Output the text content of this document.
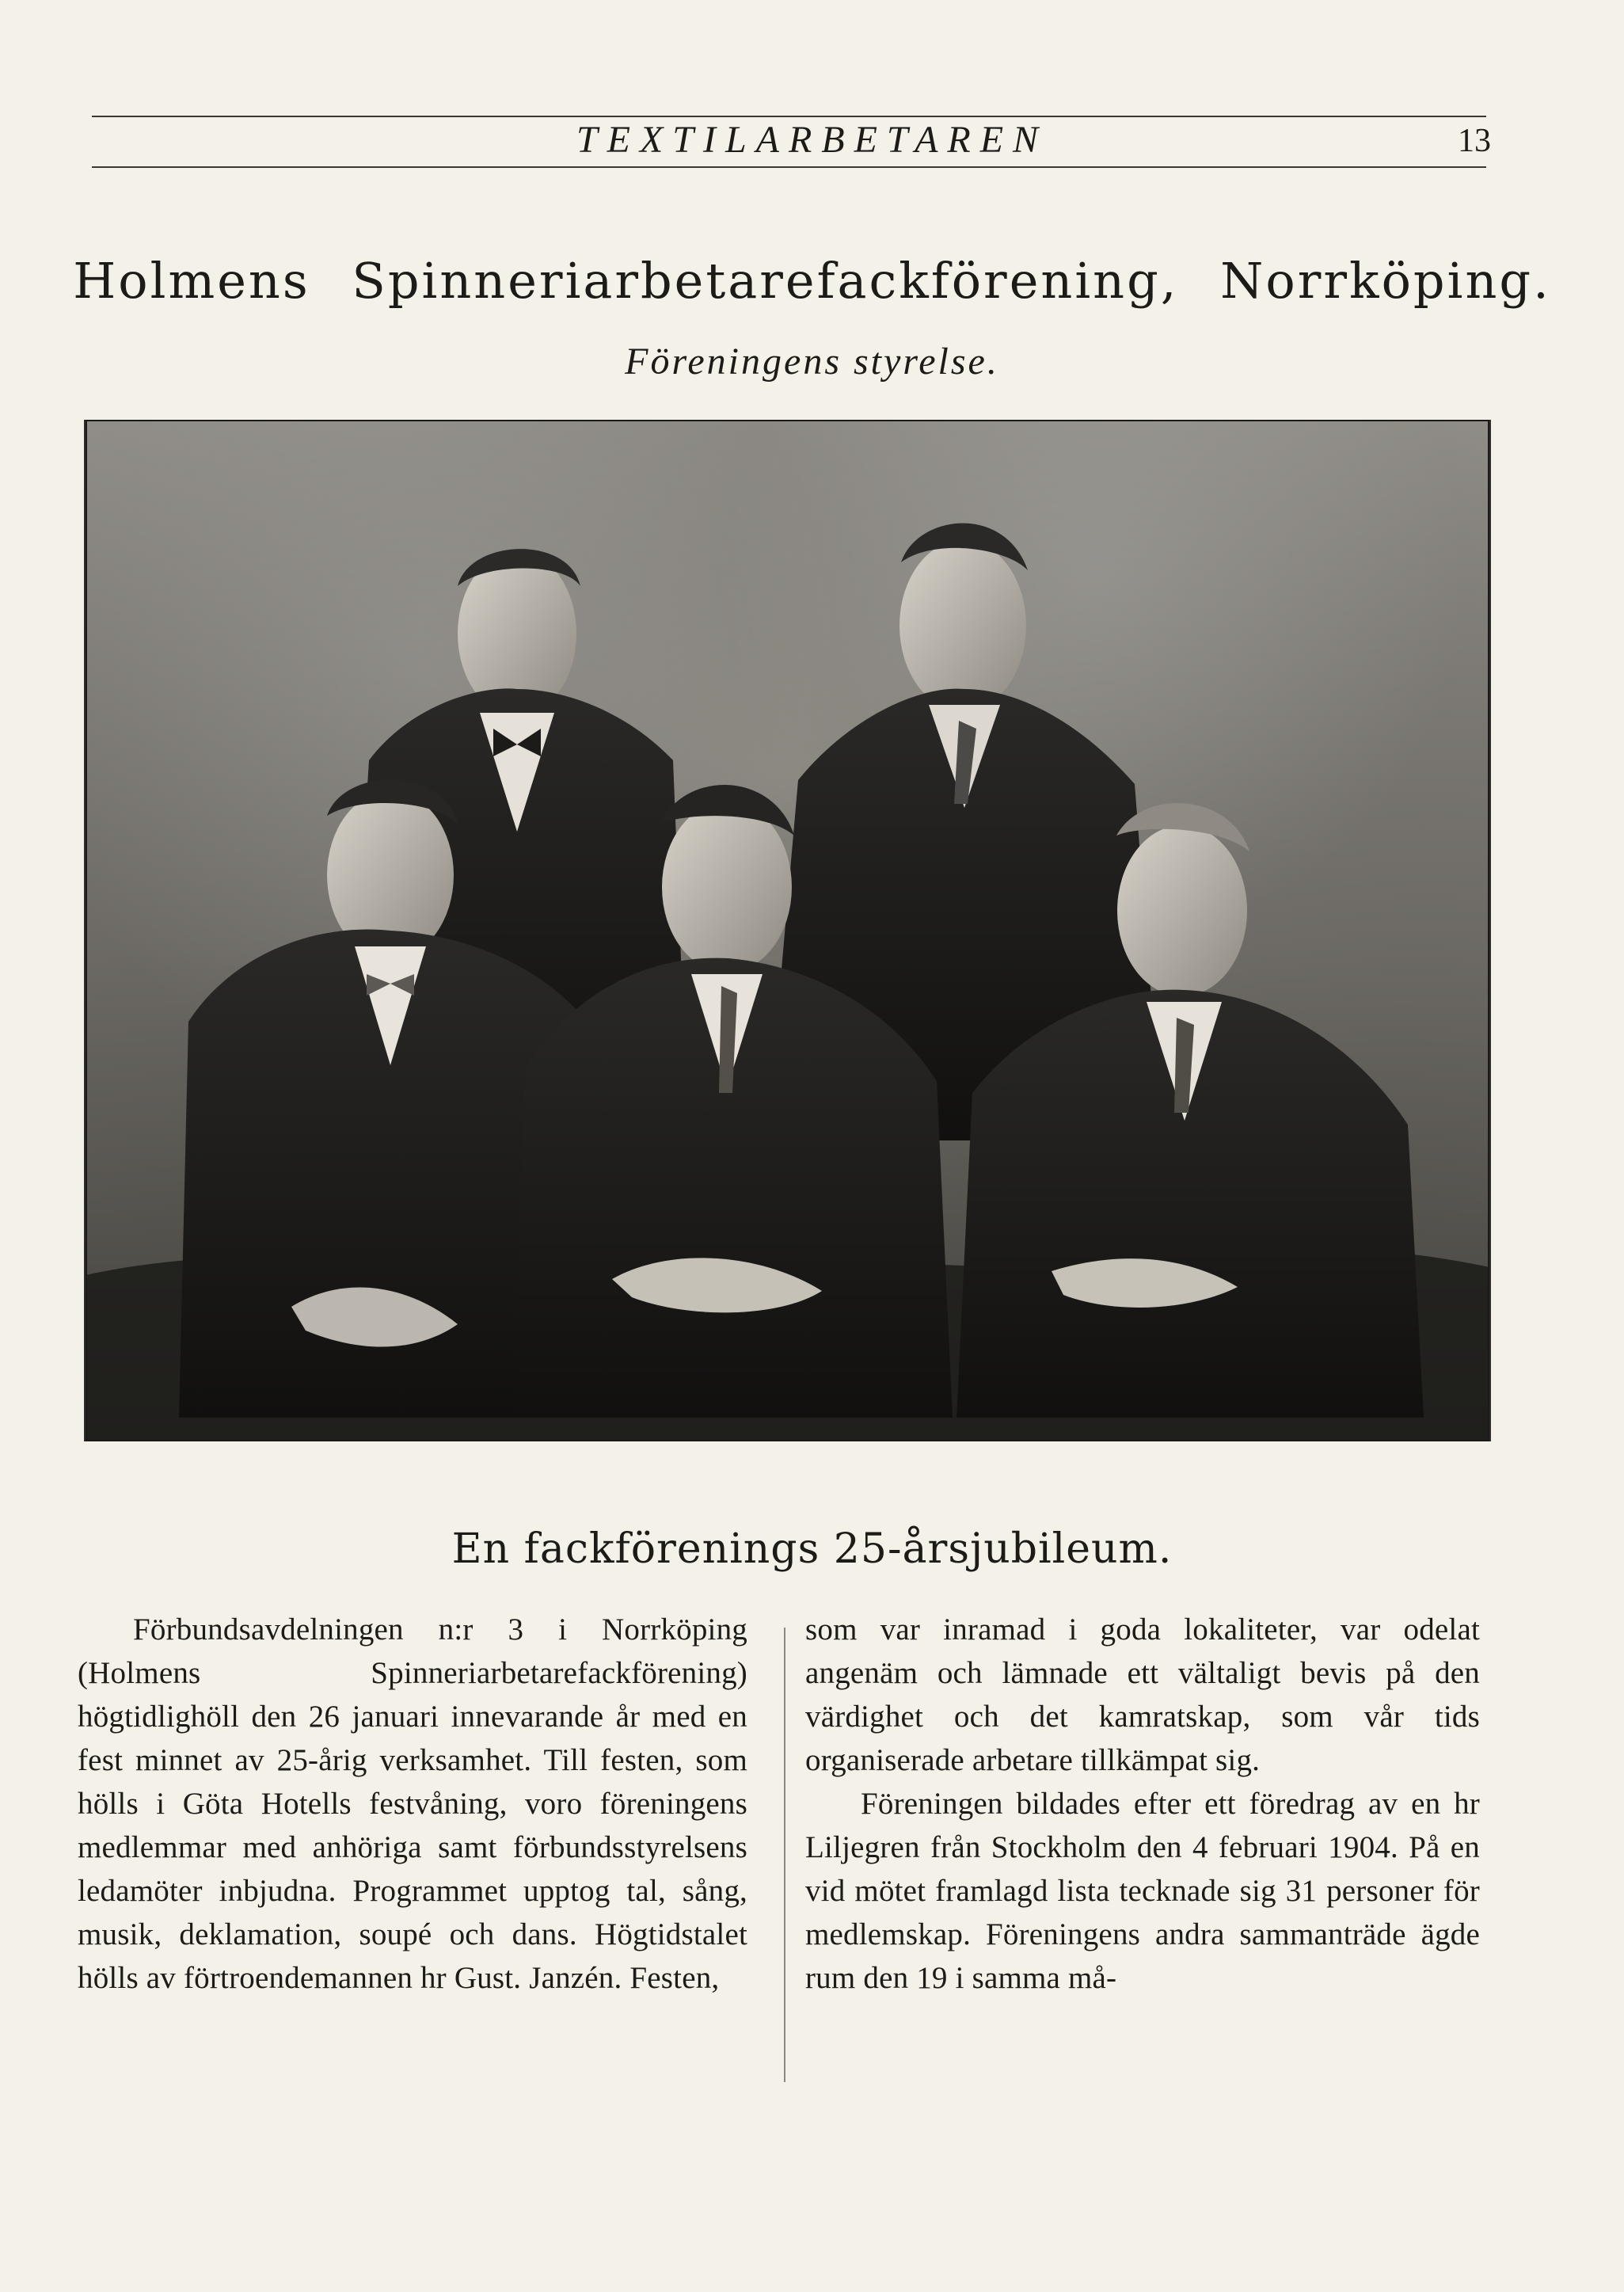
TEXTILARBETAREN	13
Holmens Spinneriarbetarefackförening, Norrköping.
Föreningens styrelse.
En fackförenings 25-årsjubileum.

Förbundsavdelningen n:r 3 i Norrköping (Holmens Spinneriarbetarefackförening) högtidlighöll den 26 januari innevarande år med en fest minnet av 25-årig verksamhet. Till festen, som hölls i Göta Hotells festvåning, voro föreningens medlemmar med anhöriga samt förbundsstyrelsens ledamöter inbjudna. Programmet upptog tal, sång, musik, deklamation, soupé och dans. Högtidstalet hölls av förtroendemannen hr Gust. Janzén. Festen,

som var inramad i goda lokaliteter, var odelat angenäm och lämnade ett vältaligt bevis på den värdighet och det kamratskap, som vår tids organiserade arbetare tillkämpat sig.

Föreningen bildades efter ett föredrag av en hr Liljegren från Stockholm den 4 februari 1904. På en vid mötet framlagd lista tecknade sig 31 personer för medlemskap. Föreningens andra sammanträde ägde rum den 19 i samma må-
